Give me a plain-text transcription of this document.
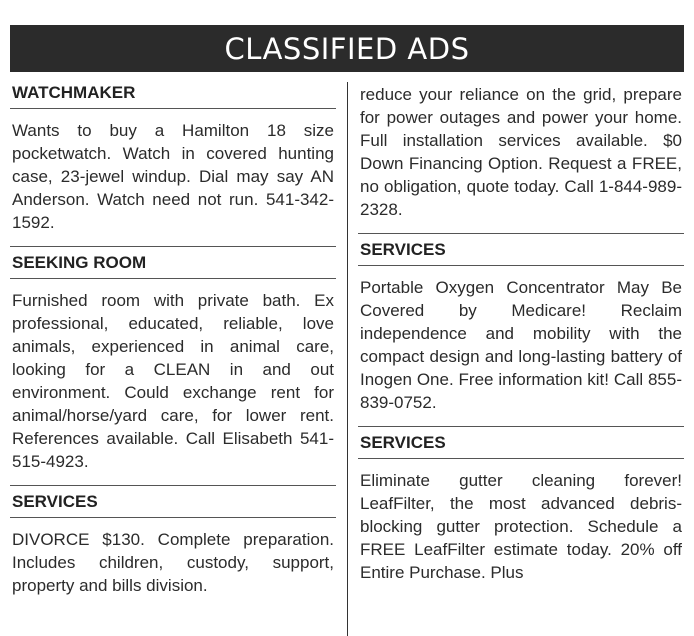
CLASSIFIED ADS
WATCHMAKER
Wants to buy a Hamilton 18 size pocketwatch. Watch in covered hunting case, 23-jewel windup. Dial may say AN Anderson. Watch need not run. 541-342-1592.
SEEKING ROOM
Furnished room with private bath. Ex professional, educated, reliable, love animals, experienced in animal care, looking for a CLEAN in and out environment. Could exchange rent for animal/horse/yard care, for lower rent. References available. Call Elisabeth 541-515-4923.
SERVICES
DIVORCE $130. Complete preparation. Includes children, custody, support, property and bills division.
reduce your reliance on the grid, prepare for power outages and power your home. Full installation services available. $0 Down Financing Option. Request a FREE, no obligation, quote today. Call 1-844-989-2328.
SERVICES
Portable Oxygen Concentrator May Be Covered by Medicare! Reclaim independence and mobility with the compact design and long-lasting battery of Inogen One. Free information kit! Call 855-839-0752.
SERVICES
Eliminate gutter cleaning forever! LeafFilter, the most advanced debris-blocking gutter protection. Schedule a FREE LeafFilter estimate today. 20% off Entire Purchase. Plus
